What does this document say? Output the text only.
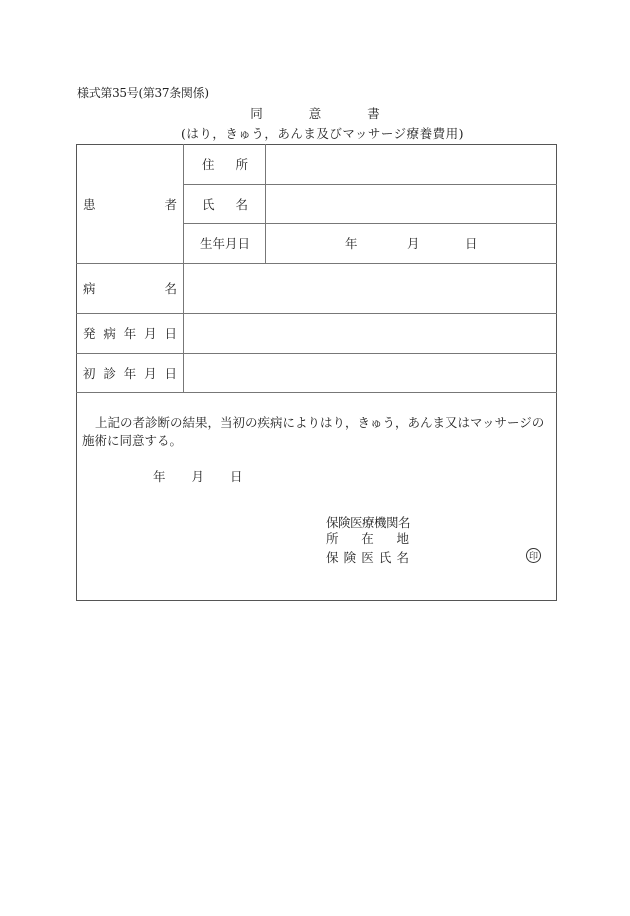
様式第35号(第37条関係)
同	意	書
(はり，きゅう，あんま及びマッサージ療養費用)
患	者
住 所
氏 名
生年月日	年	月	日
病	名
発 病 年 月 日
初 診 年 月 日
上記の者診断の結果，当初の疾病によりはり，きゅう，あんま又はマッサージの施術に同意する。
年 月 日
保険医療機関名
所 在 地
保 険 医 氏 名	印
